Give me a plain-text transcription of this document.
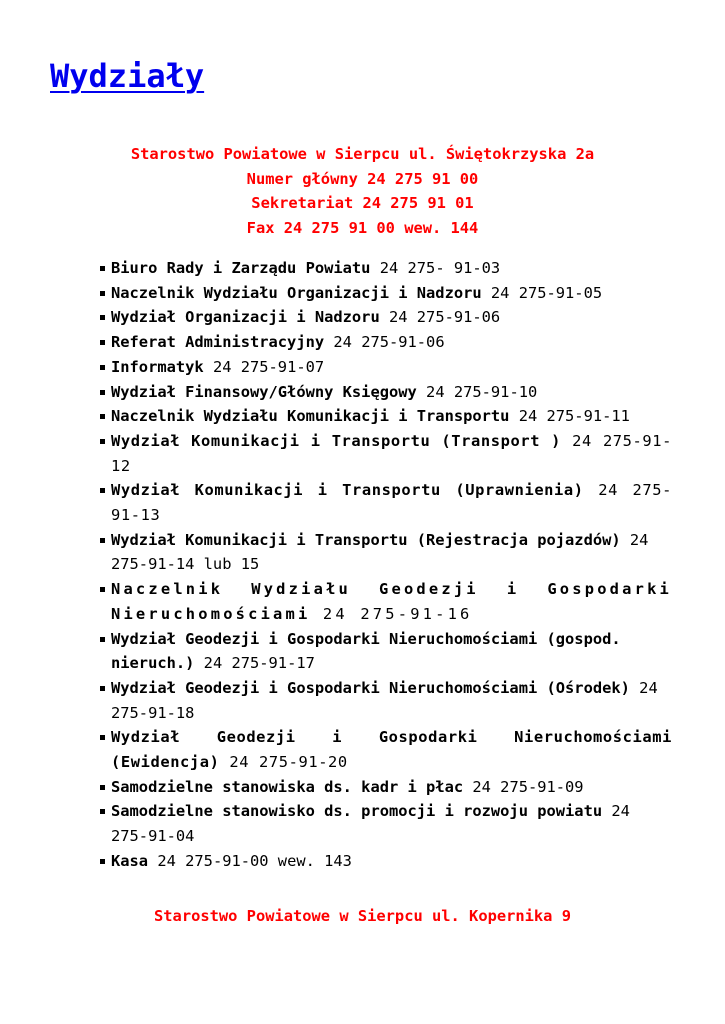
Wydziały
Starostwo Powiatowe w Sierpcu ul. Świętokrzyska 2a
Numer główny 24 275 91 00
Sekretariat 24 275 91 01
Fax 24 275 91 00 wew. 144
Biuro Rady i Zarządu Powiatu 24 275- 91-03
Naczelnik Wydziału Organizacji i Nadzoru 24 275-91-05
Wydział Organizacji i Nadzoru 24 275-91-06
Referat Administracyjny 24 275-91-06
Informatyk 24 275-91-07
Wydział Finansowy/Główny Księgowy 24 275-91-10
Naczelnik Wydziału Komunikacji i Transportu 24 275-91-11
Wydział Komunikacji i Transportu (Transport ) 24 275-91-12
Wydział Komunikacji i Transportu (Uprawnienia) 24 275-91-13
Wydział Komunikacji i Transportu (Rejestracja pojazdów) 24 275-91-14 lub 15
Naczelnik Wydziału Geodezji i Gospodarki Nieruchomościami 24 275-91-16
Wydział Geodezji i Gospodarki Nieruchomościami (gospod. nieruch.) 24 275-91-17
Wydział Geodezji i Gospodarki Nieruchomościami (Ośrodek) 24 275-91-18
Wydział Geodezji i Gospodarki Nieruchomościami (Ewidencja) 24 275-91-20
Samodzielne stanowiska ds. kadr i płac 24 275-91-09
Samodzielne stanowisko ds. promocji i rozwoju powiatu 24 275-91-04
Kasa 24 275-91-00 wew. 143
Starostwo Powiatowe w Sierpcu ul. Kopernika 9
